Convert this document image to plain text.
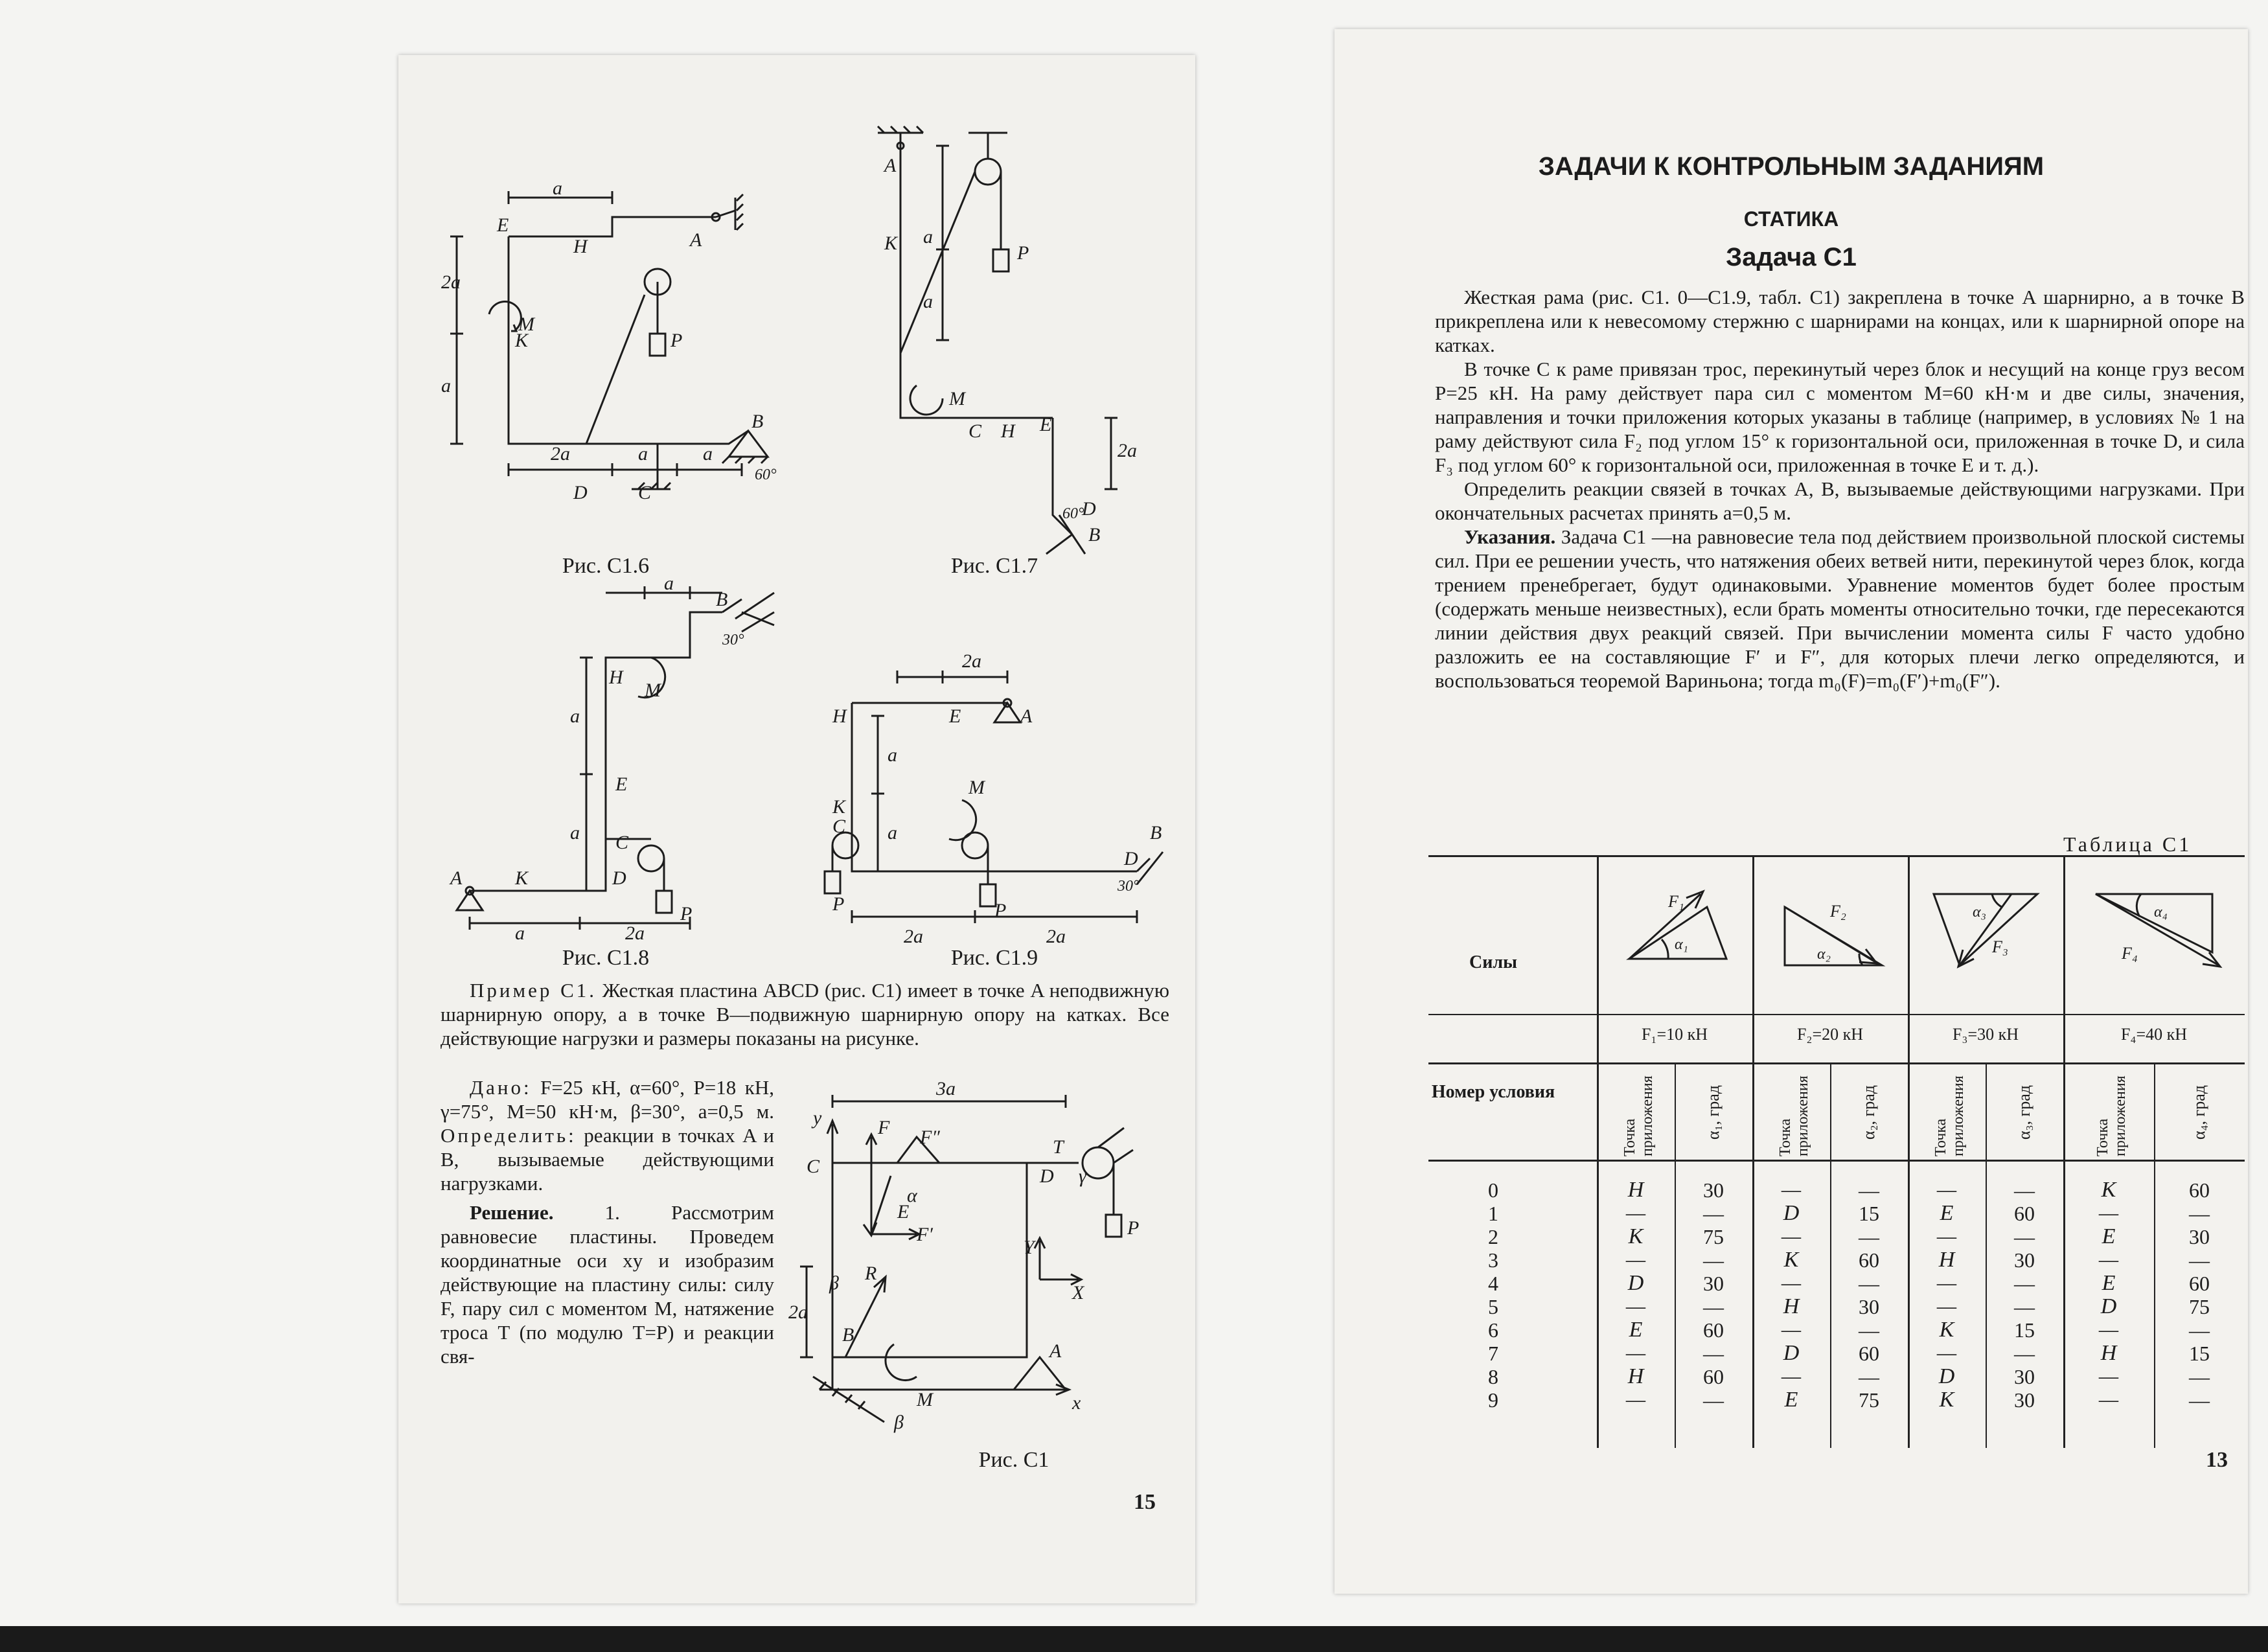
E
a
H	A
2a
a
M
K	P
2a	a	a
B
60°
D	C
Рис. С1.6
A
K a
a
P
M
C H E
2a
60°
D
B
Рис. С1.7
A	K
H
E
C
D
M
P
B
30°
a	2a
a
a
a
Рис. С1.8
A
E
H
K
C
P
M
P
D
B
30°
2a
a
a
2a	2a
Рис. С1.9

Пример С1. Жесткая пластина ABCD (рис. С1) имеет в точке A неподвижную шарнирную опору, а в точке B—подвижную шарнирную опору на катках. Все действующие нагрузки и размеры показаны на рисунке.

Дано: F=25 кН, α=60°, P=18 кН, γ=75°, M=50 кН·м, β=30°, a=0,5 м. Определить: реакции в точках A и B, вызываемые действующими нагрузками.

Решение. 1. Рассмотрим равновесие пластины. Проведем координатные оси xy и изобразим действующие на пластину силы: силу F, пару сил с моментом M, натяжение троса T (по модулю T=P) и реакции свя-

y
C
3a
2a
F F″
E
F′
R
β
B
β
M
T
γ
P
Y
X
D
A
x
α
Рис. С1
15
ЗАДАЧИ К КОНТРОЛЬНЫМ ЗАДАНИЯМ
СТАТИКА
Задача С1

Жесткая рама (рис. С1. 0—С1.9, табл. С1) закреплена в точке A шарнирно, а в точке B прикреплена или к невесомому стержню с шарнирами на концах, или к шарнирной опоре на катках.

В точке C к раме привязан трос, перекинутый через блок и несущий на конце груз весом P=25 кН. На раму действует пара сил с моментом M=60 кН·м и две силы, значения, направления и точки приложения которых указаны в таблице (например, в условиях № 1 на раму действуют сила F₂ под углом 15° к горизонтальной оси, приложенная в точке D, и сила F₃ под углом 60° к горизонтальной оси, приложенная в точке E и т. д.).

Определить реакции связей в точках A, B, вызываемые действующими нагрузками. При окончательных расчетах принять a=0,5 м.

Указания. Задача С1 —на равновесие тела под действием произвольной плоской системы сил. При ее решении учесть, что натяжения обеих ветвей нити, перекинутой через блок, когда трением пренебрегает, будут одинаковыми. Уравнение моментов будет более простым (содержать меньше неизвестных), если брать моменты относительно точки, где пересекаются линии действия двух реакций связей. При вычислении момента силы F часто удобно разложить ее на составляющие F′ и F″, для которых плечи легко определяются, и воспользоваться теоремой Вариньона; тогда m₀(F)=m₀(F′)+m₀(F″).

Таблица С1
Силы
Номер условия
F₁
α₁
F₂
α₂
α₃
F₃
α₄
F₄
F₁=10 кН	F₂=20 кН	F₃=30 кН	F₄=40 кН
Точка приложения	α₁, град	Точка приложения	α₂, град	Точка приложения	α₃, град	Точка приложения	α₄, град
0	H	30	—	—	—	—	K	60
1	—	—	D	15	E	60	—	—
2	K	75	—	—	—	—	E	30
3	—	—	K	60	H	30	—	—
4	D	30	—	—	—	—	E	60
5	—	—	H	30	—	—	D	75
6	E	60	—	—	K	15	—	—
7	—	—	D	60	—	—	H	15
8	H	60	—	—	D	30	—	—
9	—	—	E	75	K	30	—	—
13
